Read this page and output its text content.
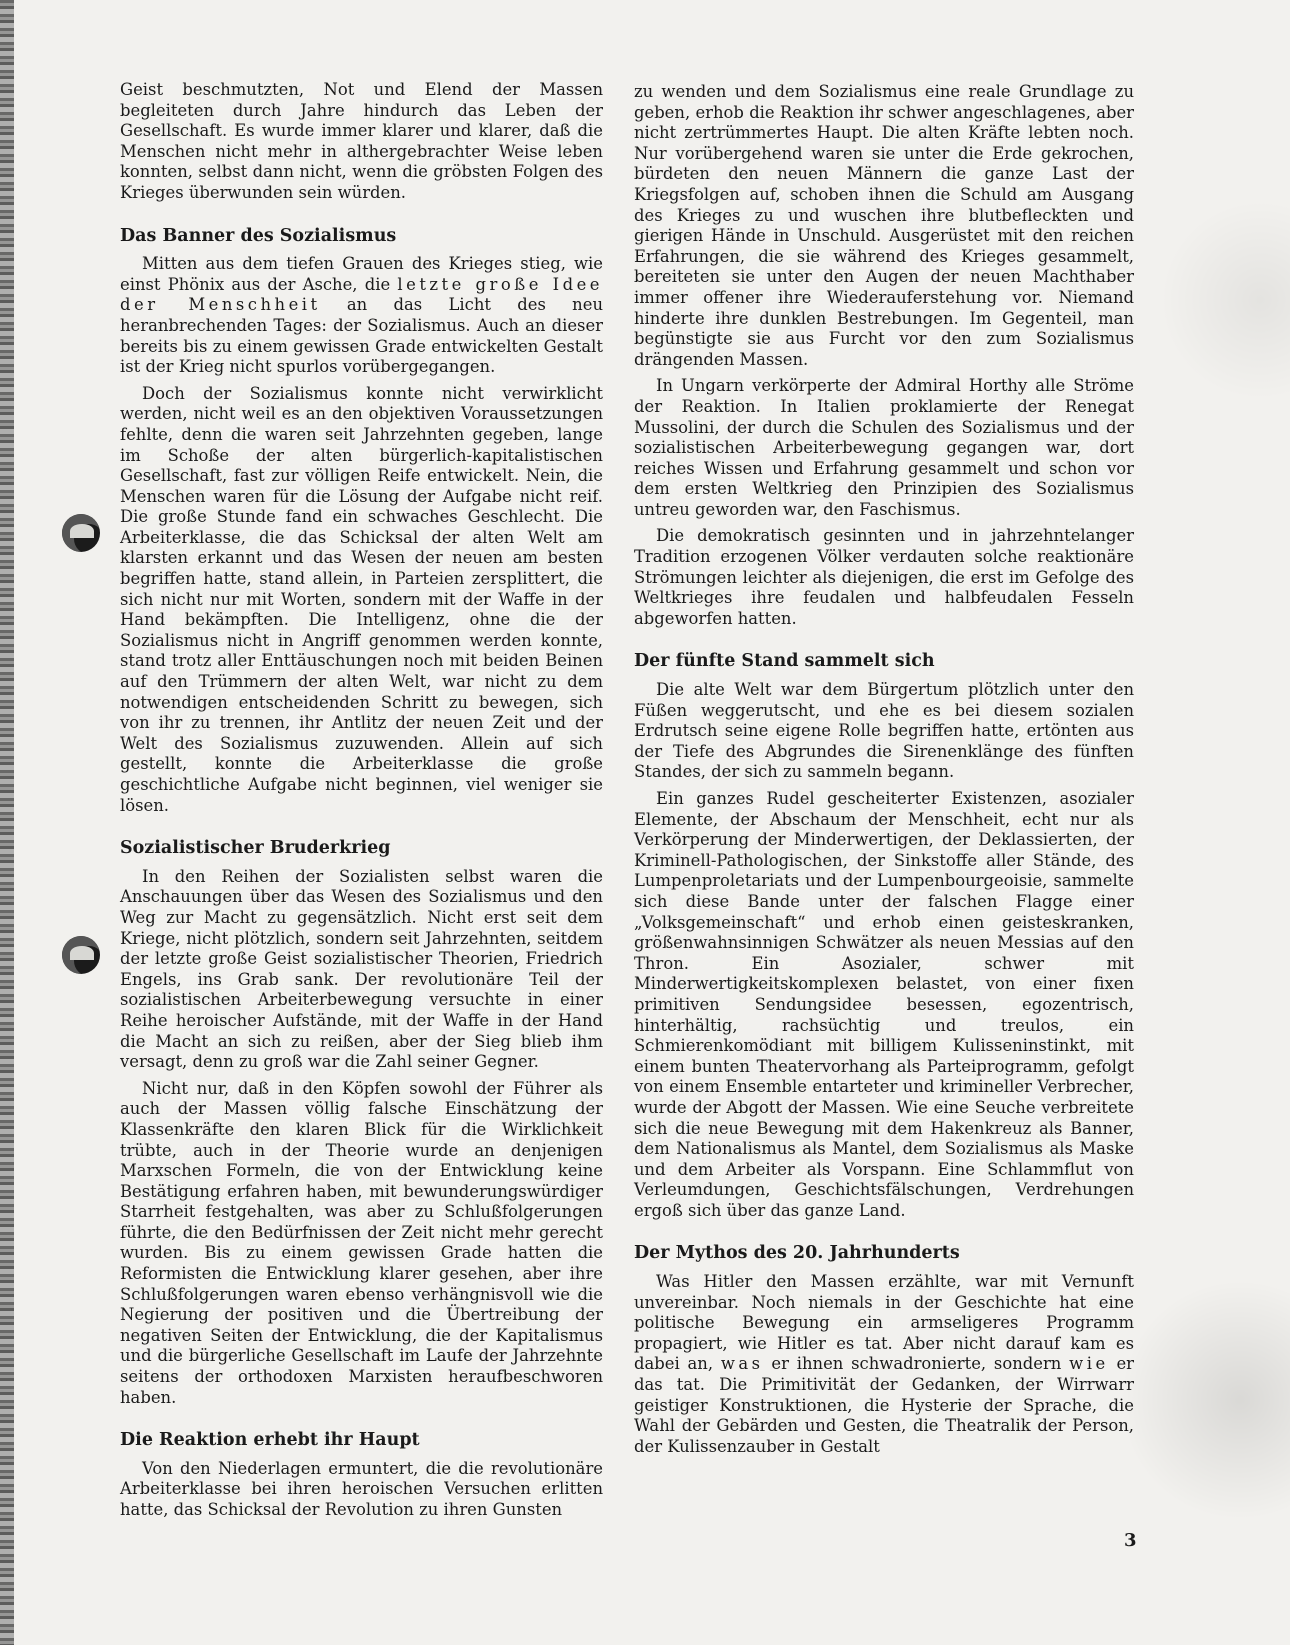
Geist beschmutzten, Not und Elend der Massen begleiteten durch Jahre hindurch das Leben der Gesellschaft. Es wurde immer klarer und klarer, daß die Menschen nicht mehr in althergebrachter Weise leben konnten, selbst dann nicht, wenn die gröbsten Folgen des Krieges überwunden sein würden.

Das Banner des Sozialismus

Mitten aus dem tiefen Grauen des Krieges stieg, wie einst Phönix aus der Asche, die letzte große Idee der Menschheit an das Licht des neu heranbrechenden Tages: der Sozialismus. Auch an dieser bereits bis zu einem gewissen Grade entwickelten Gestalt ist der Krieg nicht spurlos vorübergegangen.

Doch der Sozialismus konnte nicht verwirklicht werden, nicht weil es an den objektiven Voraussetzungen fehlte, denn die waren seit Jahrzehnten gegeben, lange im Schoße der alten bürgerlich-kapitalistischen Gesellschaft, fast zur völligen Reife entwickelt. Nein, die Menschen waren für die Lösung der Aufgabe nicht reif. Die große Stunde fand ein schwaches Geschlecht. Die Arbeiterklasse, die das Schicksal der alten Welt am klarsten erkannt und das Wesen der neuen am besten begriffen hatte, stand allein, in Parteien zersplittert, die sich nicht nur mit Worten, sondern mit der Waffe in der Hand bekämpften. Die Intelligenz, ohne die der Sozialismus nicht in Angriff genommen werden konnte, stand trotz aller Enttäuschungen noch mit beiden Beinen auf den Trümmern der alten Welt, war nicht zu dem notwendigen entscheidenden Schritt zu bewegen, sich von ihr zu trennen, ihr Antlitz der neuen Zeit und der Welt des Sozialismus zuzuwenden. Allein auf sich gestellt, konnte die Arbeiterklasse die große geschichtliche Aufgabe nicht beginnen, viel weniger sie lösen.

Sozialistischer Bruderkrieg

In den Reihen der Sozialisten selbst waren die Anschauungen über das Wesen des Sozialismus und den Weg zur Macht zu gegensätzlich. Nicht erst seit dem Kriege, nicht plötzlich, sondern seit Jahrzehnten, seitdem der letzte große Geist sozialistischer Theorien, Friedrich Engels, ins Grab sank. Der revolutionäre Teil der sozialistischen Arbeiterbewegung versuchte in einer Reihe heroischer Aufstände, mit der Waffe in der Hand die Macht an sich zu reißen, aber der Sieg blieb ihm versagt, denn zu groß war die Zahl seiner Gegner.

Nicht nur, daß in den Köpfen sowohl der Führer als auch der Massen völlig falsche Einschätzung der Klassenkräfte den klaren Blick für die Wirklichkeit trübte, auch in der Theorie wurde an denjenigen Marxschen Formeln, die von der Entwicklung keine Bestätigung erfahren haben, mit bewunderungswürdiger Starrheit festgehalten, was aber zu Schlußfolgerungen führte, die den Bedürfnissen der Zeit nicht mehr gerecht wurden. Bis zu einem gewissen Grade hatten die Reformisten die Entwicklung klarer gesehen, aber ihre Schlußfolgerungen waren ebenso verhängnisvoll wie die Negierung der positiven und die Übertreibung der negativen Seiten der Entwicklung, die der Kapitalismus und die bürgerliche Gesellschaft im Laufe der Jahrzehnte seitens der orthodoxen Marxisten heraufbeschworen haben.

Die Reaktion erhebt ihr Haupt

Von den Niederlagen ermuntert, die die revolutionäre Arbeiterklasse bei ihren heroischen Versuchen erlitten hatte, das Schicksal der Revolution zu ihren Gunsten

zu wenden und dem Sozialismus eine reale Grundlage zu geben, erhob die Reaktion ihr schwer angeschlagenes, aber nicht zertrümmertes Haupt. Die alten Kräfte lebten noch. Nur vorübergehend waren sie unter die Erde gekrochen, bürdeten den neuen Männern die ganze Last der Kriegsfolgen auf, schoben ihnen die Schuld am Ausgang des Krieges zu und wuschen ihre blutbefleckten und gierigen Hände in Unschuld. Ausgerüstet mit den reichen Erfahrungen, die sie während des Krieges gesammelt, bereiteten sie unter den Augen der neuen Machthaber immer offener ihre Wiederauferstehung vor. Niemand hinderte ihre dunklen Bestrebungen. Im Gegenteil, man begünstigte sie aus Furcht vor den zum Sozialismus drängenden Massen.

In Ungarn verkörperte der Admiral Horthy alle Ströme der Reaktion. In Italien proklamierte der Renegat Mussolini, der durch die Schulen des Sozialismus und der sozialistischen Arbeiterbewegung gegangen war, dort reiches Wissen und Erfahrung gesammelt und schon vor dem ersten Weltkrieg den Prinzipien des Sozialismus untreu geworden war, den Faschismus.

Die demokratisch gesinnten und in jahrzehntelanger Tradition erzogenen Völker verdauten solche reaktionäre Strömungen leichter als diejenigen, die erst im Gefolge des Weltkrieges ihre feudalen und halbfeudalen Fesseln abgeworfen hatten.

Der fünfte Stand sammelt sich

Die alte Welt war dem Bürgertum plötzlich unter den Füßen weggerutscht, und ehe es bei diesem sozialen Erdrutsch seine eigene Rolle begriffen hatte, ertönten aus der Tiefe des Abgrundes die Sirenenklänge des fünften Standes, der sich zu sammeln begann.

Ein ganzes Rudel gescheiterter Existenzen, asozialer Elemente, der Abschaum der Menschheit, echt nur als Verkörperung der Minderwertigen, der Deklassierten, der Kriminell-Pathologischen, der Sinkstoffe aller Stände, des Lumpenproletariats und der Lumpenbourgeoisie, sammelte sich diese Bande unter der falschen Flagge einer „Volksgemeinschaft“ und erhob einen geisteskranken, größenwahnsinnigen Schwätzer als neuen Messias auf den Thron. Ein Asozialer, schwer mit Minderwertigkeitskomplexen belastet, von einer fixen primitiven Sendungsidee besessen, egozentrisch, hinterhältig, rachsüchtig und treulos, ein Schmierenkomödiant mit billigem Kulisseninstinkt, mit einem bunten Theatervorhang als Parteiprogramm, gefolgt von einem Ensemble entarteter und krimineller Verbrecher, wurde der Abgott der Massen. Wie eine Seuche verbreitete sich die neue Bewegung mit dem Hakenkreuz als Banner, dem Nationalismus als Mantel, dem Sozialismus als Maske und dem Arbeiter als Vorspann. Eine Schlammflut von Verleumdungen, Geschichtsfälschungen, Verdrehungen ergoß sich über das ganze Land.

Der Mythos des 20. Jahrhunderts

Was Hitler den Massen erzählte, war mit Vernunft unvereinbar. Noch niemals in der Geschichte hat eine politische Bewegung ein armseligeres Programm propagiert, wie Hitler es tat. Aber nicht darauf kam es dabei an, was er ihnen schwadronierte, sondern wie er das tat. Die Primitivität der Gedanken, der Wirrwarr geistiger Konstruktionen, die Hysterie der Sprache, die Wahl der Gebärden und Gesten, die Theatralik der Person, der Kulissenzauber in Gestalt

3
